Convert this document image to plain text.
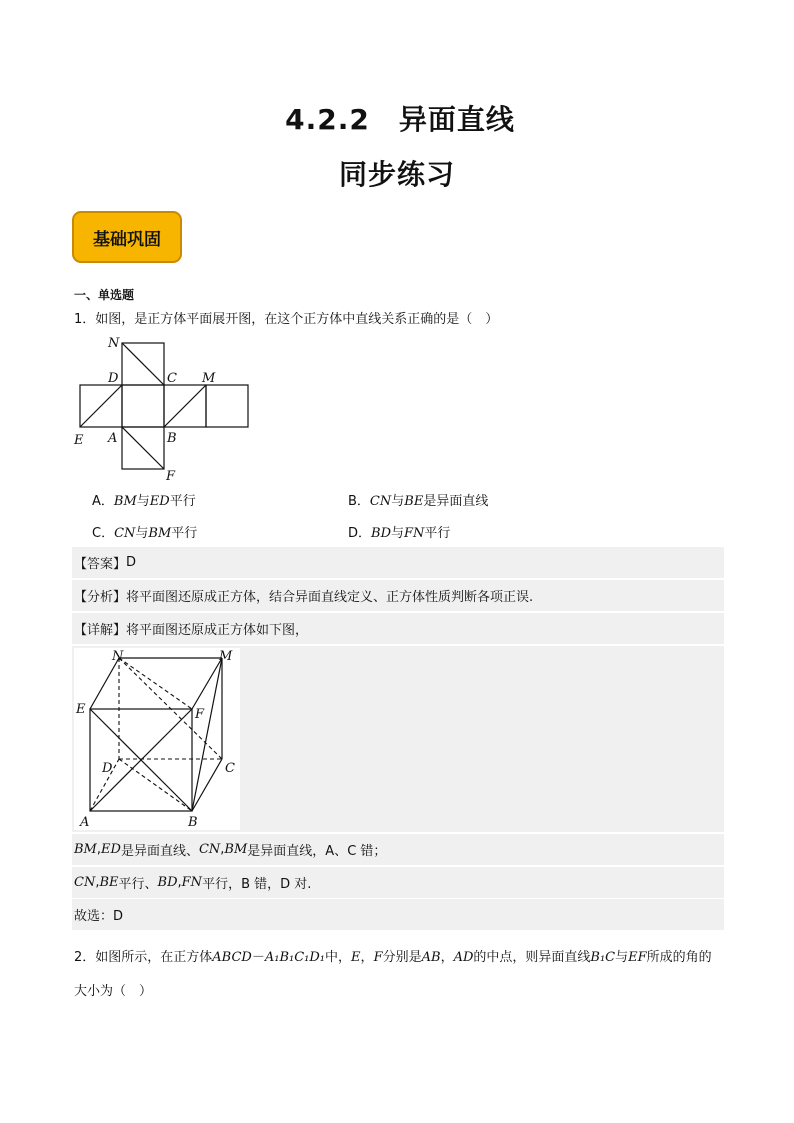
4.2.2　异面直线
同步练习
基础巩固
一、单选题
1．如图，是正方体平面展开图，在这个正方体中直线关系正确的是（　）
N
D	C M
E A	B
F
A．BM与ED平行	B．CN与BE是异面直线
C．CN与BM平行	D．BD与FN平行
【答案】 D
【分析】 将平面图还原成正方体，结合异面直线定义、正方体性质判断各项正误.
【详解】 将平面图还原成正方体如下图，
N	M
E	F
D	C
A	B
BM , ED 是异面直线、 CN , BM 是异面直线，A、C 错；
CN , BE 平行、 BD , FN 平行，B 错，D 对.
故选：D
2．如图所示，在正方体ABCD－A₁B₁C₁D₁中，E，F分别是AB，AD的中点，则异面直线B₁C与EF所成的角的大小为（　）
